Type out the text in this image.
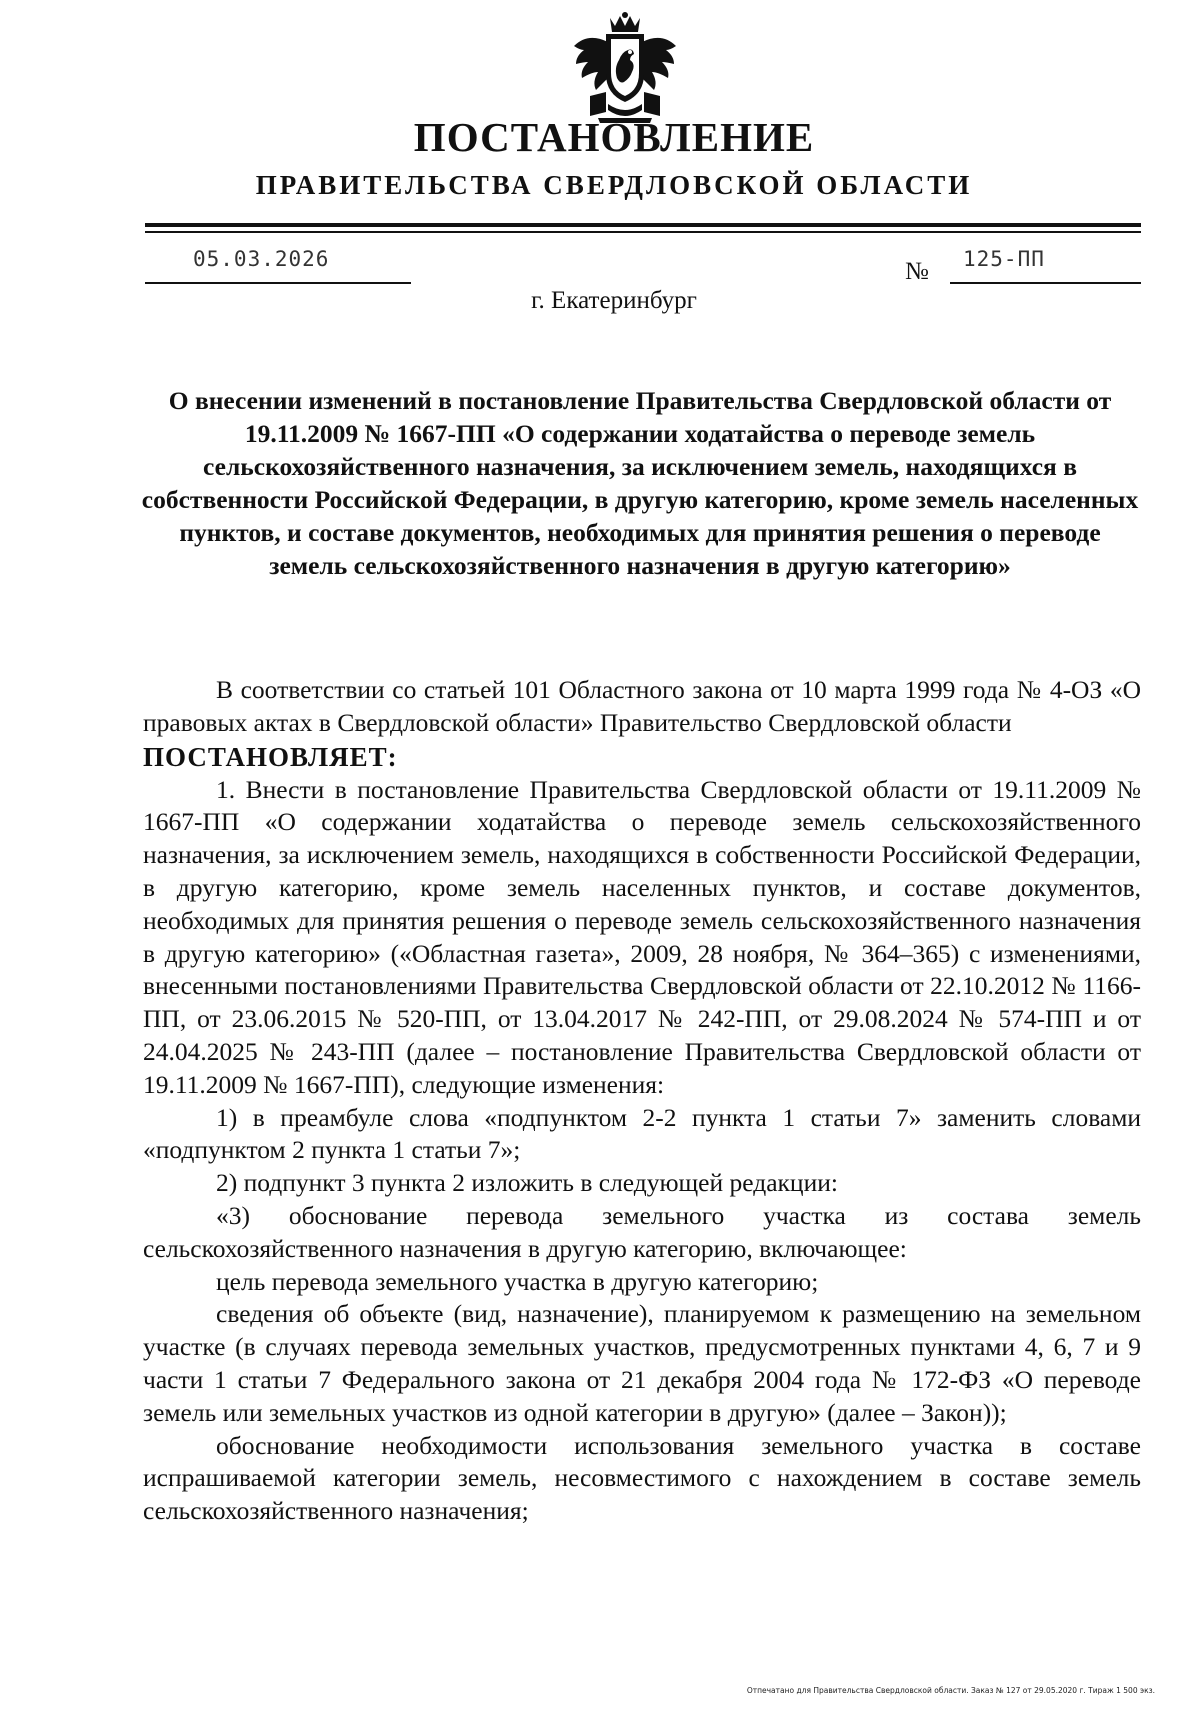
ПОСТАНОВЛЕНИЕ
ПРАВИТЕЛЬСТВА СВЕРДЛОВСКОЙ ОБЛАСТИ
05.03.2026	№ 125-ПП
г. Екатеринбург
О внесении изменений в постановление Правительства Свердловской области от 19.11.2009 № 1667-ПП «О содержании ходатайства о переводе земель сельскохозяйственного назначения, за исключением земель, находящихся в собственности Российской Федерации, в другую категорию, кроме земель населенных пунктов, и составе документов, необходимых для принятия решения о переводе земель сельскохозяйственного назначения в другую категорию»

В соответствии со статьей 101 Областного закона от 10 марта 1999 года № 4-ОЗ «О правовых актах в Свердловской области» Правительство Свердловской области

ПОСТАНОВЛЯЕТ:

1. Внести в постановление Правительства Свердловской области от 19.11.2009 № 1667-ПП «О содержании ходатайства о переводе земель сельскохозяйственного назначения, за исключением земель, находящихся в собственности Российской Федерации, в другую категорию, кроме земель населенных пунктов, и составе документов, необходимых для принятия решения о переводе земель сельскохозяйственного назначения в другую категорию» («Областная газета», 2009, 28 ноября, № 364–365) с изменениями, внесенными постановлениями Правительства Свердловской области от 22.10.2012 № 1166-ПП, от 23.06.2015 № 520-ПП, от 13.04.2017 № 242-ПП, от 29.08.2024 № 574-ПП и от 24.04.2025 № 243-ПП (далее – постановление Правительства Свердловской области от 19.11.2009 № 1667-ПП), следующие изменения:

1) в преамбуле слова «подпунктом 2-2 пункта 1 статьи 7» заменить словами «подпунктом 2 пункта 1 статьи 7»;

2) подпункт 3 пункта 2 изложить в следующей редакции:

«3) обоснование перевода земельного участка из состава земель сельскохозяйственного назначения в другую категорию, включающее:

цель перевода земельного участка в другую категорию;

сведения об объекте (вид, назначение), планируемом к размещению на земельном участке (в случаях перевода земельных участков, предусмотренных пунктами 4, 6, 7 и 9 части 1 статьи 7 Федерального закона от 21 декабря 2004 года № 172-ФЗ «О переводе земель или земельных участков из одной категории в другую» (далее – Закон));

обоснование необходимости использования земельного участка в составе испрашиваемой категории земель, несовместимого с нахождением в составе земель сельскохозяйственного назначения;

Отпечатано для Правительства Свердловской области. Заказ № 127 от 29.05.2020 г. Тираж 1 500 экз.
